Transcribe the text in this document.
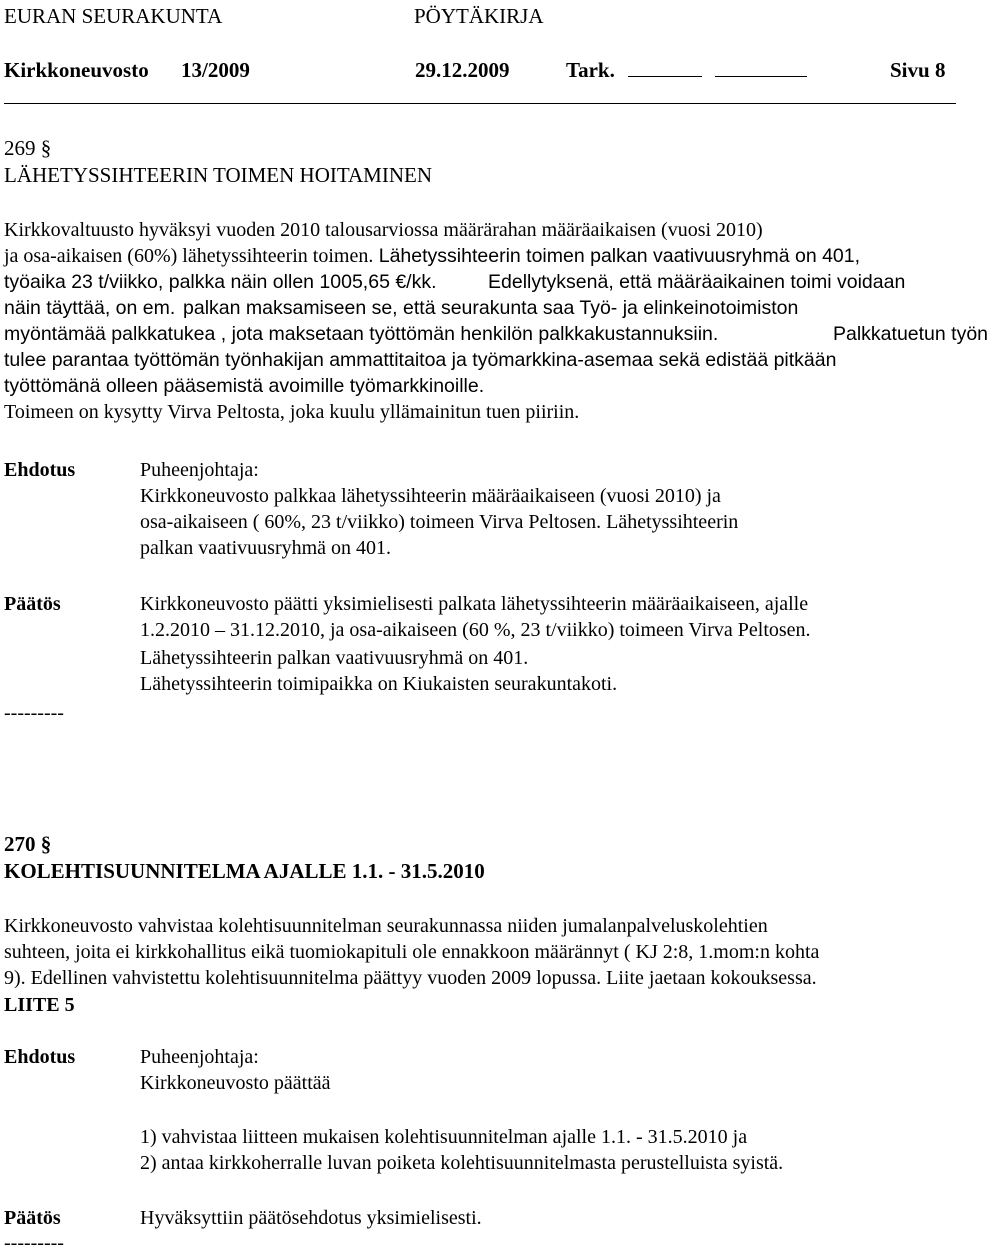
EURAN SEURAKUNTA	PÖYTÄKIRJA
Kirkkoneuvosto 13/2009	29.12.2009	Tark.	Sivu 8
269 §
LÄHETYSSIHTEERIN TOIMEN HOITAMINEN
Kirkkovaltuusto hyväksyi vuoden 2010 talousarviossa määrärahan määräaikaisen (vuosi 2010)
ja osa-aikaisen (60%) lähetyssihteerin toimen. Lähetyssihteerin toimen palkan vaativuusryhmä on 401,
työaika 23 t/viikko, palkka näin ollen 1005,65 €/kk.	Edellytyksenä, että määräaikainen toimi voidaan
näin täyttää, on em. palkan maksamiseen se, että seurakunta saa Työ- ja elinkeinotoimiston
myöntämää palkkatukea , jota maksetaan työttömän henkilön palkkakustannuksiin.	Palkkatuetun työn
tulee parantaa työttömän työnhakijan ammattitaitoa ja työmarkkina-asemaa sekä edistää pitkään
työttömänä olleen pääsemistä avoimille työmarkkinoille.
Toimeen on kysytty Virva Peltosta, joka kuulu yllämainitun tuen piiriin.
Ehdotus	Puheenjohtaja:
Kirkkoneuvosto palkkaa lähetyssihteerin määräaikaiseen (vuosi 2010) ja
osa-aikaiseen ( 60%, 23 t/viikko) toimeen Virva Peltosen. Lähetyssihteerin
palkan vaativuusryhmä on 401.
Päätös	Kirkkoneuvosto päätti yksimielisesti palkata lähetyssihteerin määräaikaiseen, ajalle
1.2.2010 – 31.12.2010, ja osa-aikaiseen (60 %, 23 t/viikko) toimeen Virva Peltosen.
Lähetyssihteerin palkan vaativuusryhmä on 401.
Lähetyssihteerin toimipaikka on Kiukaisten seurakuntakoti.
---------
270 §
KOLEHTISUUNNITELMA AJALLE 1.1. - 31.5.2010
Kirkkoneuvosto vahvistaa kolehtisuunnitelman seurakunnassa niiden jumalanpalveluskolehtien
suhteen, joita ei kirkkohallitus eikä tuomiokapituli ole ennakkoon määrännyt ( KJ 2:8, 1.mom:n kohta
9). Edellinen vahvistettu kolehtisuunnitelma päättyy vuoden 2009 lopussa. Liite jaetaan kokouksessa.
LIITE 5
Ehdotus	Puheenjohtaja:
Kirkkoneuvosto päättää
1) vahvistaa liitteen mukaisen kolehtisuunnitelman ajalle 1.1. - 31.5.2010 ja
2) antaa kirkkoherralle luvan poiketa kolehtisuunnitelmasta perustelluista syistä.
Päätös	Hyväksyttiin päätösehdotus yksimielisesti.
---------
